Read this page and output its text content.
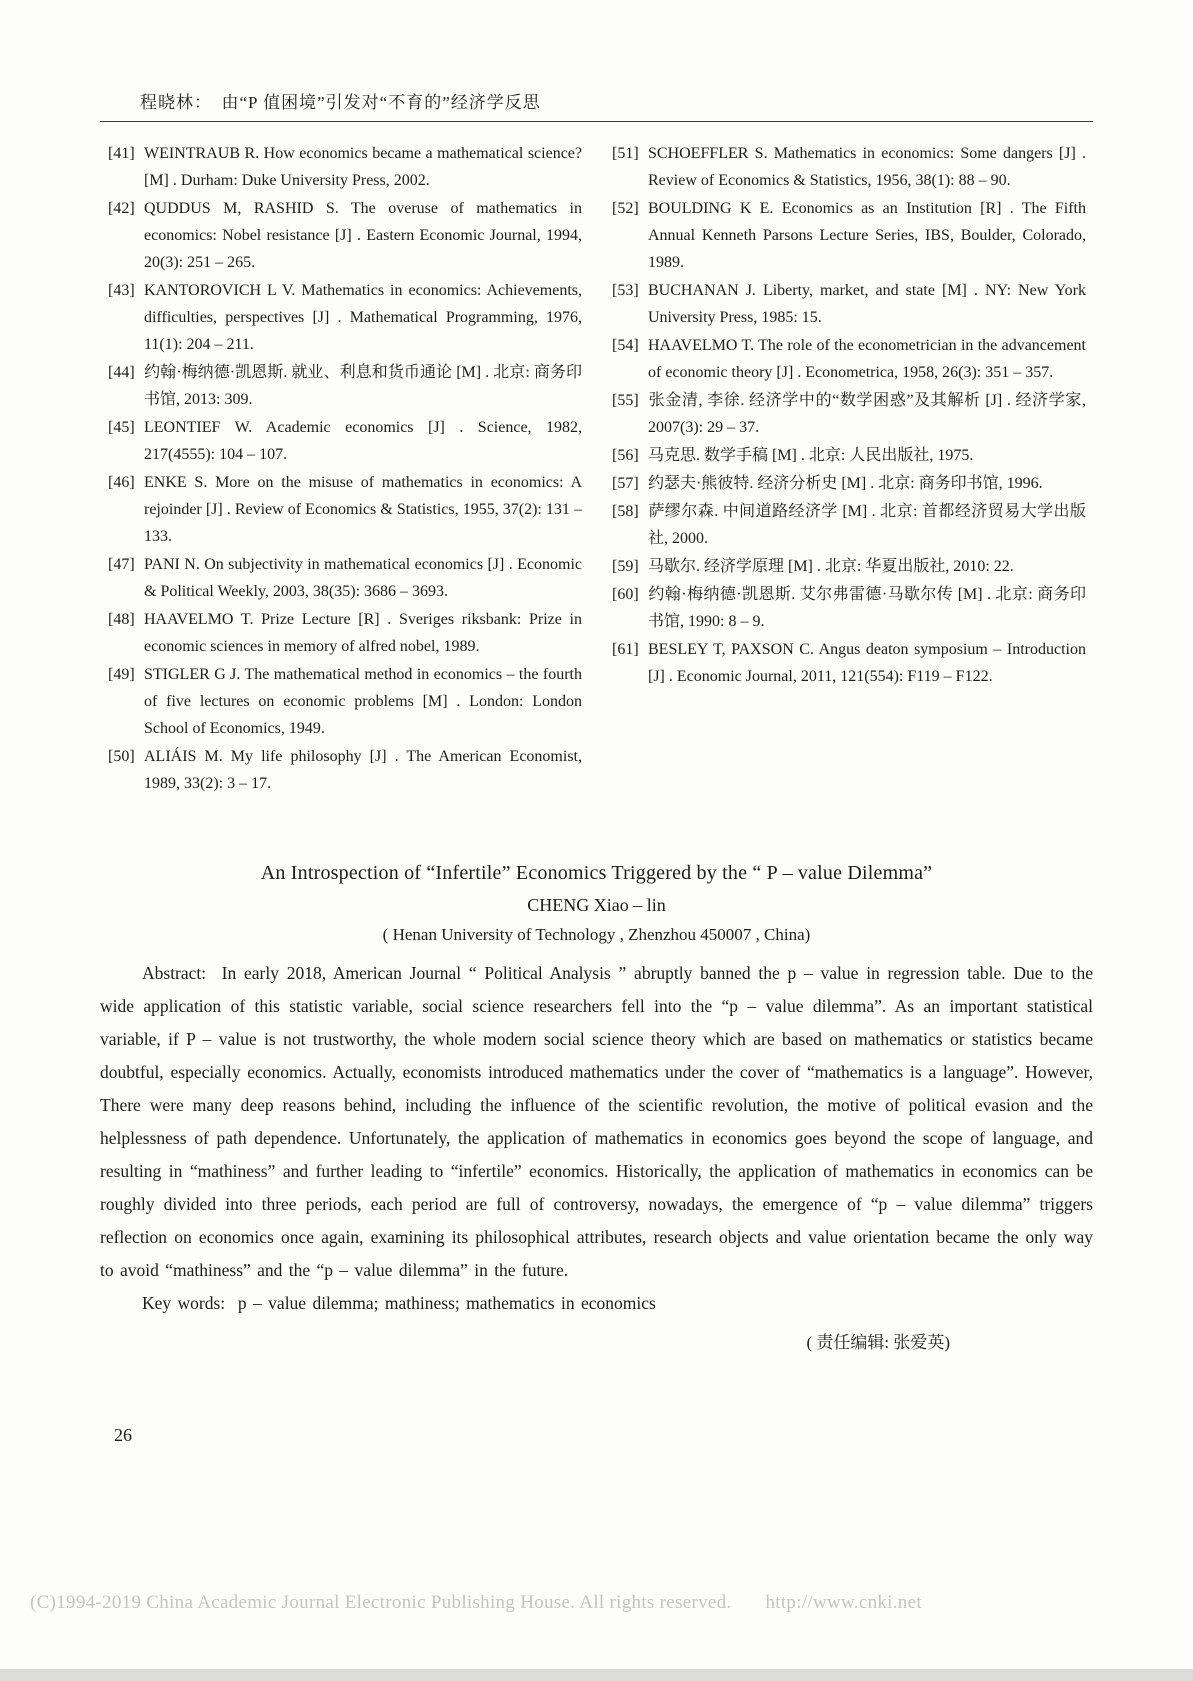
程晓林：　由“P 值困境”引发对“不育的”经济学反思

[41] WEINTRAUB R. How economics became a mathematical science? [M] . Durham: Duke University Press, 2002.

[42] QUDDUS M, RASHID S. The overuse of mathematics in economics: Nobel resistance [J] . Eastern Economic Journal, 1994, 20(3): 251 – 265.

[43] KANTOROVICH L V. Mathematics in economics: Achievements, difficulties, perspectives [J] . Mathematical Programming, 1976, 11(1): 204 – 211.

[44] 约翰·梅纳德·凯恩斯. 就业、利息和货币通论 [M] . 北京: 商务印书馆, 2013: 309.

[45] LEONTIEF W. Academic economics [J] . Science, 1982, 217(4555): 104 – 107.

[46] ENKE S. More on the misuse of mathematics in economics: A rejoinder [J] . Review of Economics & Statistics, 1955, 37(2): 131 – 133.

[47] PANI N. On subjectivity in mathematical economics [J] . Economic & Political Weekly, 2003, 38(35): 3686 – 3693.

[48] HAAVELMO T. Prize Lecture [R] . Sveriges riksbank: Prize in economic sciences in memory of alfred nobel, 1989.

[49] STIGLER G J. The mathematical method in economics – the fourth of five lectures on economic problems [M] . London: London School of Economics, 1949.

[50] ALIÁIS M. My life philosophy [J] . The American Economist, 1989, 33(2): 3 – 17.

[51] SCHOEFFLER S. Mathematics in economics: Some dangers [J] . Review of Economics & Statistics, 1956, 38(1): 88 – 90.

[52] BOULDING K E. Economics as an Institution [R] . The Fifth Annual Kenneth Parsons Lecture Series, IBS, Boulder, Colorado, 1989.

[53] BUCHANAN J. Liberty, market, and state [M] . NY: New York University Press, 1985: 15.

[54] HAAVELMO T. The role of the econometrician in the advancement of economic theory [J] . Econometrica, 1958, 26(3): 351 – 357.

[55] 张金清, 李徐. 经济学中的“数学困惑”及其解析 [J] . 经济学家, 2007(3): 29 – 37.

[56] 马克思. 数学手稿 [M] . 北京: 人民出版社, 1975.

[57] 约瑟夫·熊彼特. 经济分析史 [M] . 北京: 商务印书馆, 1996.

[58] 萨缪尔森. 中间道路经济学 [M] . 北京: 首都经济贸易大学出版社, 2000.

[59] 马歇尔. 经济学原理 [M] . 北京: 华夏出版社, 2010: 22.

[60] 约翰·梅纳德·凯恩斯. 艾尔弗雷德·马歇尔传 [M] . 北京: 商务印书馆, 1990: 8 – 9.

[61] BESLEY T, PAXSON C. Angus deaton symposium – Introduction [J] . Economic Journal, 2011, 121(554): F119 – F122.

An Introspection of “Infertile” Economics Triggered by the “ P – value Dilemma”
CHENG Xiao – lin
( Henan University of Technology , Zhenzhou 450007 , China)

Abstract: In early 2018, American Journal “ Political Analysis ” abruptly banned the p – value in regression table. Due to the wide application of this statistic variable, social science researchers fell into the “p – value dilemma”. As an important statistical variable, if P – value is not trustworthy, the whole modern social science theory which are based on mathematics or statistics became doubtful, especially economics. Actually, economists introduced mathematics under the cover of “mathematics is a language”. However, There were many deep reasons behind, including the influence of the scientific revolution, the motive of political evasion and the helplessness of path dependence. Unfortunately, the application of mathematics in economics goes beyond the scope of language, and resulting in “mathiness” and further leading to “infertile” economics. Historically, the application of mathematics in economics can be roughly divided into three periods, each period are full of controversy, nowadays, the emergence of “p – value dilemma” triggers reflection on economics once again, examining its philosophical attributes, research objects and value orientation became the only way to avoid “mathiness” and the “p – value dilemma” in the future.

Key words: p – value dilemma; mathiness; mathematics in economics

( 责任编辑: 张爱英)
26
(C)1994-2019 China Academic Journal Electronic Publishing House. All rights reserved. http://www.cnki.net
